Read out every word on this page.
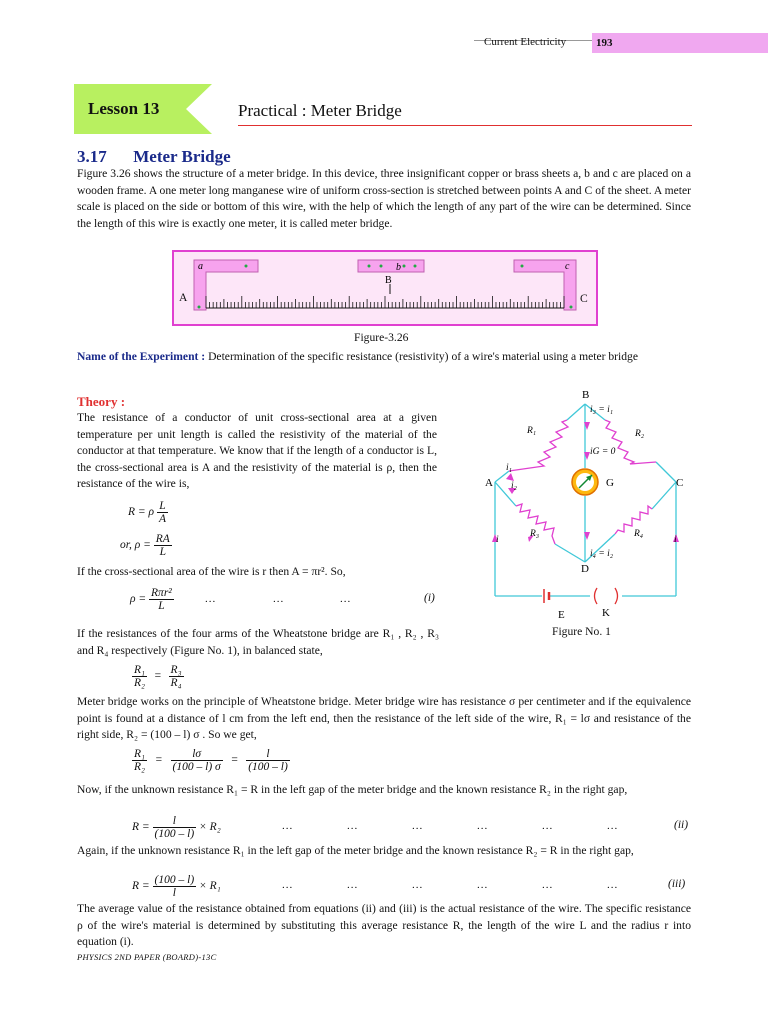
Current Electricity	193
Lesson 13	Practical : Meter Bridge
3.17 Meter Bridge
Figure 3.26 shows the structure of a meter bridge. In this device, three insignificant copper or brass sheets a, b and c are placed on a wooden frame. A one meter long manganese wire of uniform cross-section is stretched between points A and C of the sheet. A meter scale is placed on the side or bottom of this wire, with the help of which the length of any part of the wire can be determined. Since the length of this wire is exactly one meter, it is called meter bridge.
a	b	c
B
A	C
Figure-3.26
Name of the Experiment : Determination of the specific resistance (resistivity) of a wire's material using a meter bridge
Theory :
The resistance of a conductor of unit cross-sectional area at a given temperature per unit length is called the resistivity of the material of the conductor at that temperature. We know that if the length of a conductor is L, the cross-sectional area is A and the resistivity of the material is ρ, then the resistance of the wire is,
R = ρ $\frac{L}{A}$
or, $\rho = \frac{RA}{L}$
If the cross-sectional area of the wire is r then A = πr². So,
$\rho = \frac{\text{Rπr²}}{L}$	...	...	...	(i)
If the resistances of the four arms of the Wheatstone bridge are R₁ , R₂ , R₃ and R₄ respectively (Figure No. 1), in balanced state,
$\frac{\text{R₁}}{\text{R₂}} = \frac{\text{R₃}}{\text{R₄}}$
Meter bridge works on the principle of Wheatstone bridge. Meter bridge wire has resistance σ per centimeter and if the equivalence point is found at a distance of l cm from the left end, then the resistance of the left side of the wire, R₁ = lσ and resistance of the right side, R₂ = (100 – l) σ . So we get,
$\frac{\text{R₁}}{\text{R₂}} = \frac{l\sigma}{(100 - l) \sigma} = \frac{l}{(100 - l)}$
Now, if the unknown resistance R₁ = R in the left gap of the meter bridge and the known resistance R₂ in the right gap,
$R = \frac{l}{(100 - l)} \times R_2$	...	...	...	...	...	...	(ii)
Again, if the unknown resistance R₁ in the left gap of the meter bridge and the known resistance R₂ = R in the right gap,
$R = \frac{(100 - l)}{l} \times R_1$	...	...	...	...	...	...	(iii)
The average value of the resistance obtained from equations (ii) and (iii) is the actual resistance of the wire. The specific resistance ρ of the wire's material is determined by substituting this average resistance R, the length of the wire L and the radius r into equation (i).
PHYSICS 2ND PAPER (BOARD)-13C
B
A	C
D
G
E	K
R₁	R₂
R₃	R₄
i₃ = i₁
iG = 0
i₄ = i₂
i₁
i₂
i	i
Figure No. 1
